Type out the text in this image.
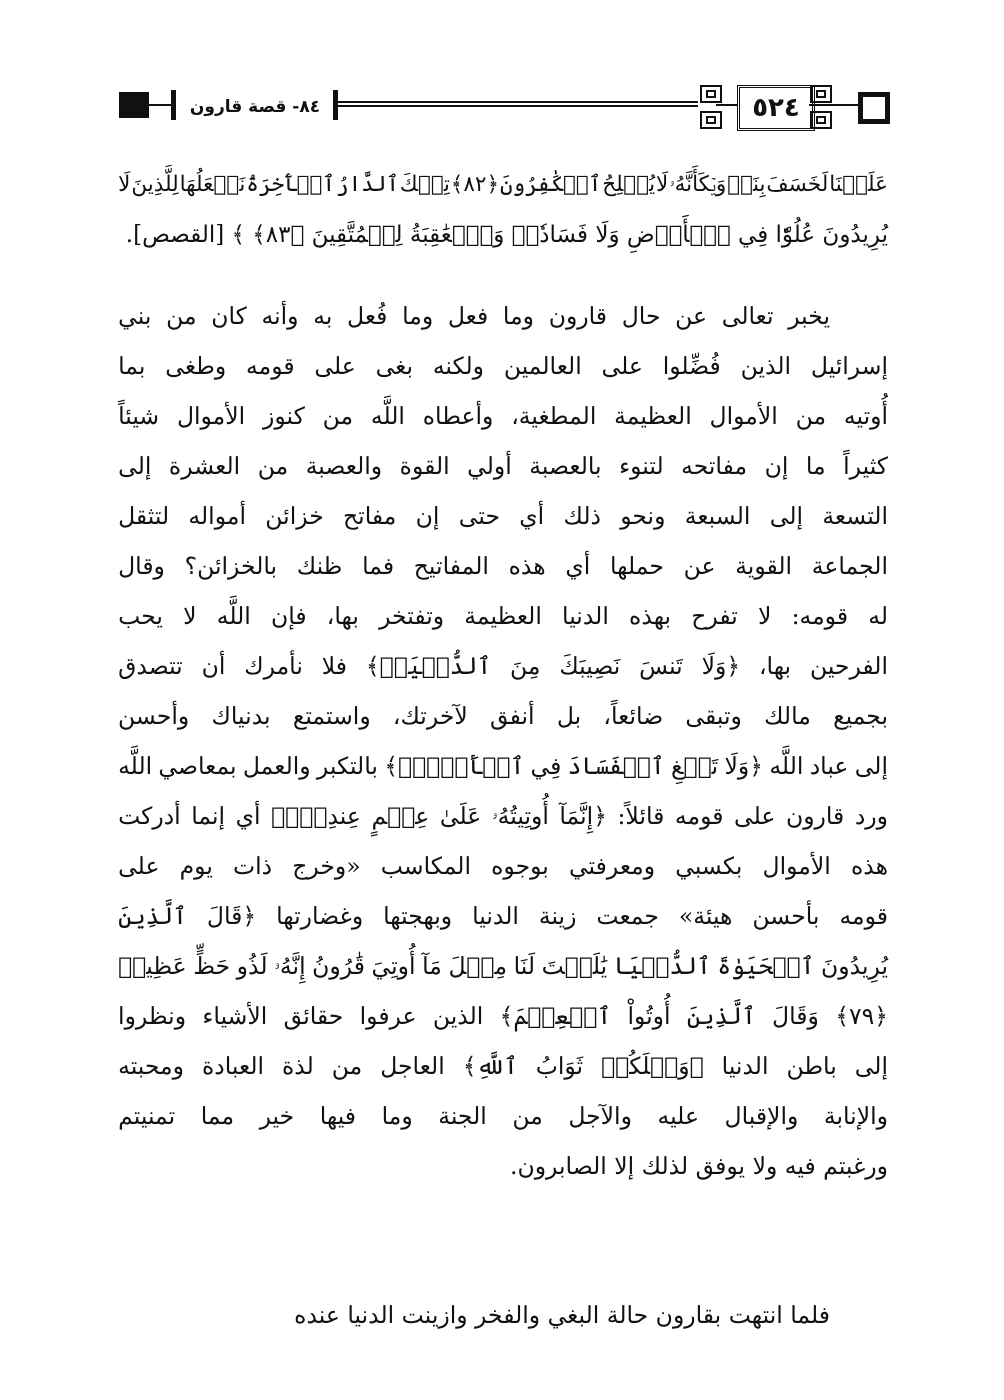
٨٤- قصة قارون	٥٢٤
عَلَيۡنَا
لَخَسَفَ
بِنَاۖ
وَيۡكَأَنَّهُۥ
لَا
يُفۡلِحُ
ٱلۡكَٰفِرُونَ
﴿٨٢﴾
تِلۡكَ
ٱلدَّارُ
ٱلۡأٓخِرَةُ
نَجۡعَلُهَا
لِلَّذِينَ
لَا
يُرِيدُونَ عُلُوّٗا فِي ٱلۡأَرۡضِ وَلَا فَسَادٗاۚ وَٱلۡعَٰقِبَةُ لِلۡمُتَّقِينَ ﴿٨٣﴾ ﴾ [القصص].
يخبر
تعالى
عن
حال
قارون
وما
فعل
وما
فُعل
به
وأنه
كان
من
بني
إسرائيل
الذين
فُضِّلوا
على
العالمين
ولكنه
بغى
على
قومه
وطغى
بما
أُوتيه
من
الأموال
العظيمة
المطغية،
وأعطاه
اللَّه
من
كنوز
الأموال
شيئاً
كثيراً
ما
إن
مفاتحه
لتنوء
بالعصبة
أولي
القوة
والعصبة
من
العشرة
إلى
التسعة
إلى
السبعة
ونحو
ذلك
أي
حتى
إن
مفاتح
خزائن
أمواله
لتثقل
الجماعة
القوية
عن
حملها
أي
هذه
المفاتيح
فما
ظنك
بالخزائن؟
وقال
له
قومه:
لا
تفرح
بهذه
الدنيا
العظيمة
وتفتخر
بها،
فإن
اللَّه
لا
يحب
الفرحين
بها،
﴿وَلَا
تَنسَ
نَصِيبَكَ
مِنَ
ٱلدُّنۡيَاۖ﴾
فلا
نأمرك
أن
تتصدق
بجميع
مالك
وتبقى
ضائعاً،
بل
أنفق
لآخرتك،
واستمتع
بدنياك
وأحسن
إلى
عباد
اللَّه
﴿وَلَا
تَبۡغِ
ٱلۡفَسَادَ
فِي
ٱلۡأَرۡضِۖ﴾
بالتكبر
والعمل
بمعاصي
اللَّه
ورد
قارون
على
قومه
قائلاً:
﴿إِنَّمَآ
أُوتِيتُهُۥ
عَلَىٰ
عِلۡمٍ
عِندِيٓۚ﴾
أي
إنما
أدركت
هذه
الأموال
بكسبي
ومعرفتي
بوجوه
المكاسب
«وخرج
ذات
يوم
على
قومه
بأحسن
هيئة»
جمعت
زينة
الدنيا
وبهجتها
وغضارتها
﴿قَالَ
ٱلَّذِينَ
يُرِيدُونَ
ٱلۡحَيَوٰةَ
ٱلدُّنۡيَا
يَٰلَيۡتَ
لَنَا
مِثۡلَ
مَآ
أُوتِيَ
قَٰرُونُ
إِنَّهُۥ
لَذُو
حَظٍّ
عَظِيمٖ
﴿٧٩﴾
وَقَالَ
ٱلَّذِينَ
أُوتُواْ
ٱلۡعِلۡمَ﴾
الذين
عرفوا
حقائق
الأشياء
ونظروا
إلى
باطن
الدنيا
﴿وَيۡلَكُمۡ
ثَوَابُ
ٱللَّهِ﴾
العاجل
من
لذة
العبادة
ومحبته
والإنابة
والإقبال
عليه
والآجل
من
الجنة
وما
فيها
خير
مما
تمنيتم
ورغبتم فيه ولا يوفق لذلك إلا الصابرون.
فلما انتهت بقارون حالة البغي والفخر وازينت الدنيا عنده
